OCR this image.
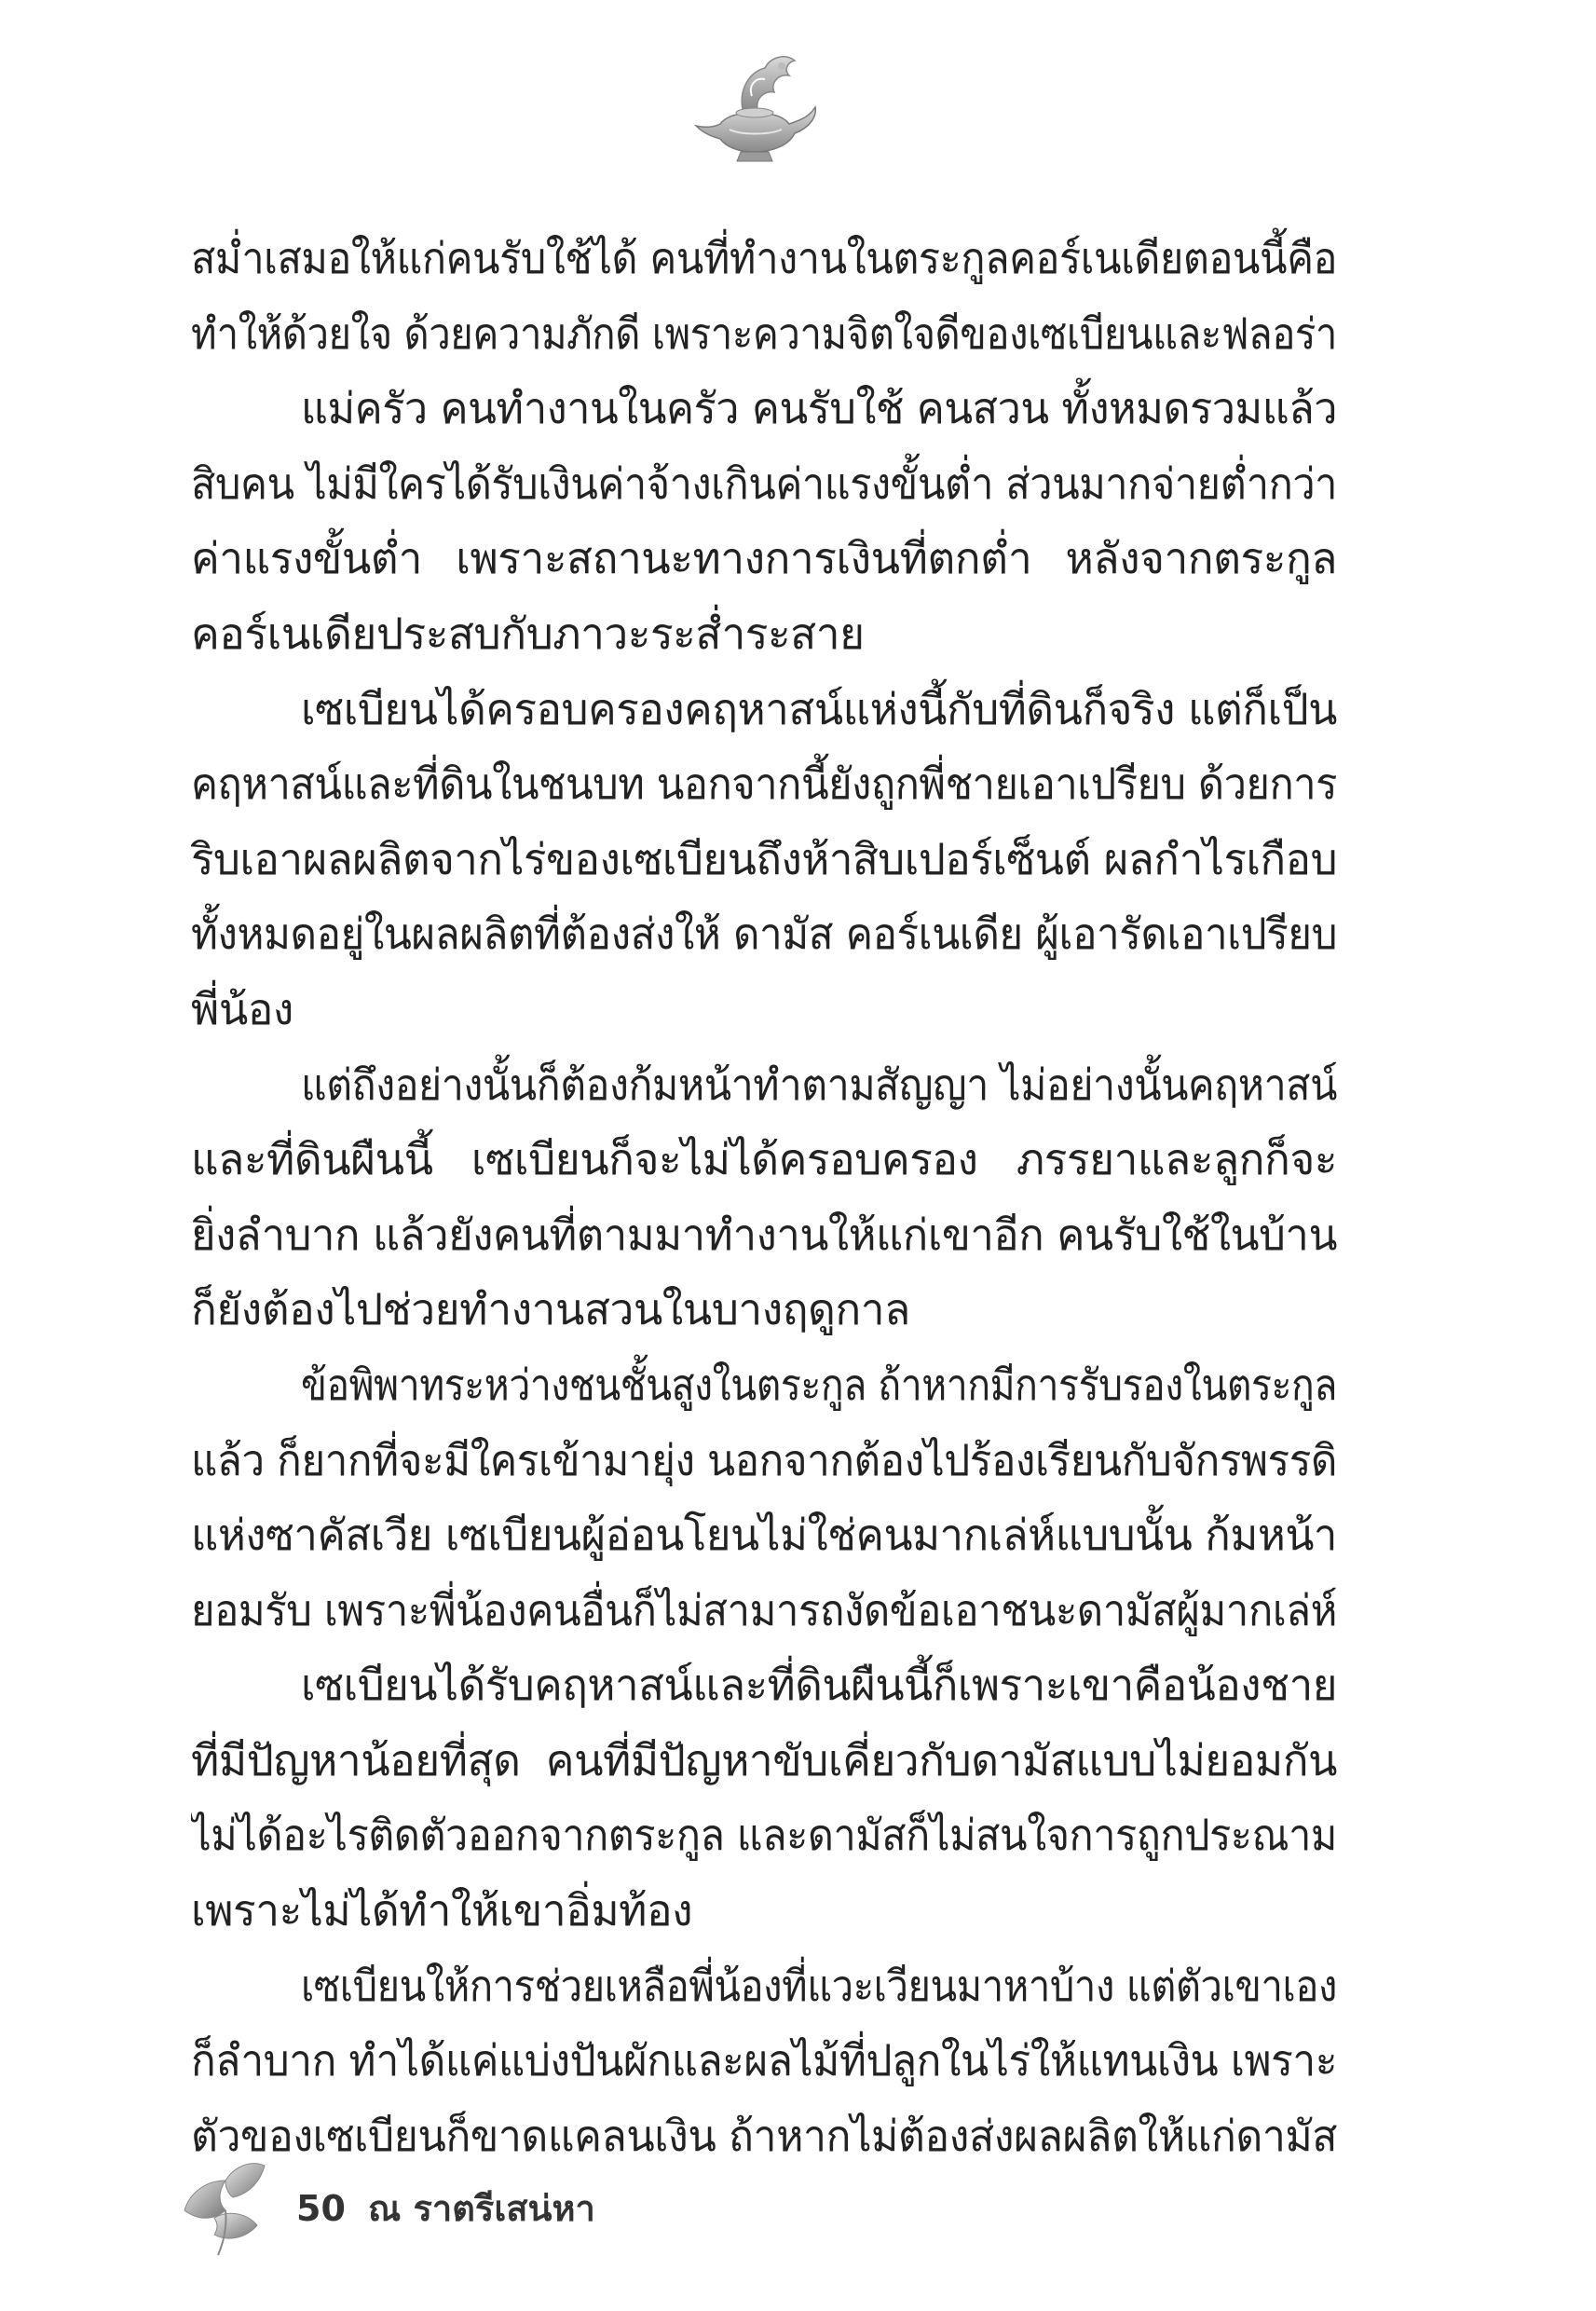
สม่ำเสมอให้แก่คนรับใช้ได้ คนที่ทำงานในตระกูลคอร์เนเดียตอนนี้คือ
ทำให้ด้วยใจ ด้วยความภักดี เพราะความจิตใจดีของเซเบียนและฟลอร่า
แม่ครัว คนทำงานในครัว คนรับใช้ คนสวน ทั้งหมดรวมแล้ว
สิบคน ไม่มีใครได้รับเงินค่าจ้างเกินค่าแรงขั้นต่ำ ส่วนมากจ่ายต่ำกว่า
ค่าแรงขั้นต่ำ เพราะสถานะทางการเงินที่ตกต่ำ หลังจากตระกูล
คอร์เนเดียประสบกับภาวะระส่ำระสาย
เซเบียนได้ครอบครองคฤหาสน์แห่งนี้กับที่ดินก็จริง แต่ก็เป็น
คฤหาสน์และที่ดินในชนบท นอกจากนี้ยังถูกพี่ชายเอาเปรียบ ด้วยการ
ริบเอาผลผลิตจากไร่ของเซเบียนถึงห้าสิบเปอร์เซ็นต์ ผลกำไรเกือบ
ทั้งหมดอยู่ในผลผลิตที่ต้องส่งให้ ดามัส คอร์เนเดีย ผู้เอารัดเอาเปรียบ
พี่น้อง
แต่ถึงอย่างนั้นก็ต้องก้มหน้าทำตามสัญญา ไม่อย่างนั้นคฤหาสน์
และที่ดินผืนนี้ เซเบียนก็จะไม่ได้ครอบครอง ภรรยาและลูกก็จะ
ยิ่งลำบาก แล้วยังคนที่ตามมาทำงานให้แก่เขาอีก คนรับใช้ในบ้าน
ก็ยังต้องไปช่วยทำงานสวนในบางฤดูกาล
ข้อพิพาทระหว่างชนชั้นสูงในตระกูล ถ้าหากมีการรับรองในตระกูล
แล้ว ก็ยากที่จะมีใครเข้ามายุ่ง นอกจากต้องไปร้องเรียนกับจักรพรรดิ
แห่งซาคัสเวีย เซเบียนผู้อ่อนโยนไม่ใช่คนมากเล่ห์แบบนั้น ก้มหน้า
ยอมรับ เพราะพี่น้องคนอื่นก็ไม่สามารถงัดข้อเอาชนะดามัสผู้มากเล่ห์
เซเบียนได้รับคฤหาสน์และที่ดินผืนนี้ก็เพราะเขาคือน้องชาย
ที่มีปัญหาน้อยที่สุด คนที่มีปัญหาขับเคี่ยวกับดามัสแบบไม่ยอมกัน
ไม่ได้อะไรติดตัวออกจากตระกูล และดามัสก็ไม่สนใจการถูกประณาม
เพราะไม่ได้ทำให้เขาอิ่มท้อง
เซเบียนให้การช่วยเหลือพี่น้องที่แวะเวียนมาหาบ้าง แต่ตัวเขาเอง
ก็ลำบาก ทำได้แค่แบ่งปันผักและผลไม้ที่ปลูกในไร่ให้แทนเงิน เพราะ
ตัวของเซเบียนก็ขาดแคลนเงิน ถ้าหากไม่ต้องส่งผลผลิตให้แก่ดามัส
50 ณ ราตรีเสน่หา
